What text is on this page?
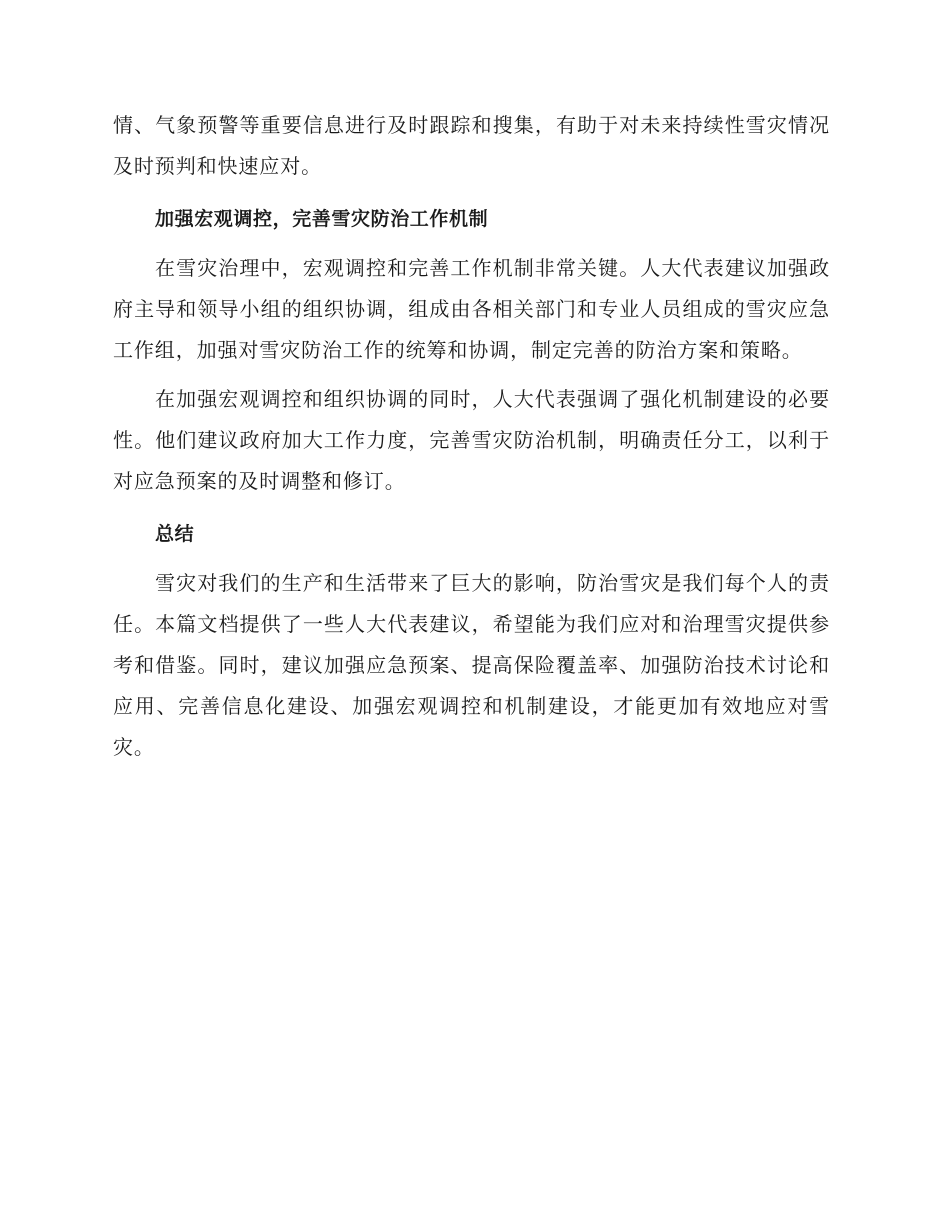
情、气象预警等重要信息进行及时跟踪和搜集，有助于对未来持续性雪灾情况及时预判和快速应对。

加强宏观调控，完善雪灾防治工作机制

在雪灾治理中，宏观调控和完善工作机制非常关键。人大代表建议加强政府主导和领导小组的组织协调，组成由各相关部门和专业人员组成的雪灾应急工作组，加强对雪灾防治工作的统筹和协调，制定完善的防治方案和策略。

在加强宏观调控和组织协调的同时，人大代表强调了强化机制建设的必要性。他们建议政府加大工作力度，完善雪灾防治机制，明确责任分工，以利于对应急预案的及时调整和修订。

总结

雪灾对我们的生产和生活带来了巨大的影响，防治雪灾是我们每个人的责任。本篇文档提供了一些人大代表建议，希望能为我们应对和治理雪灾提供参考和借鉴。同时，建议加强应急预案、提高保险覆盖率、加强防治技术讨论和应用、完善信息化建设、加强宏观调控和机制建设，才能更加有效地应对雪灾。
